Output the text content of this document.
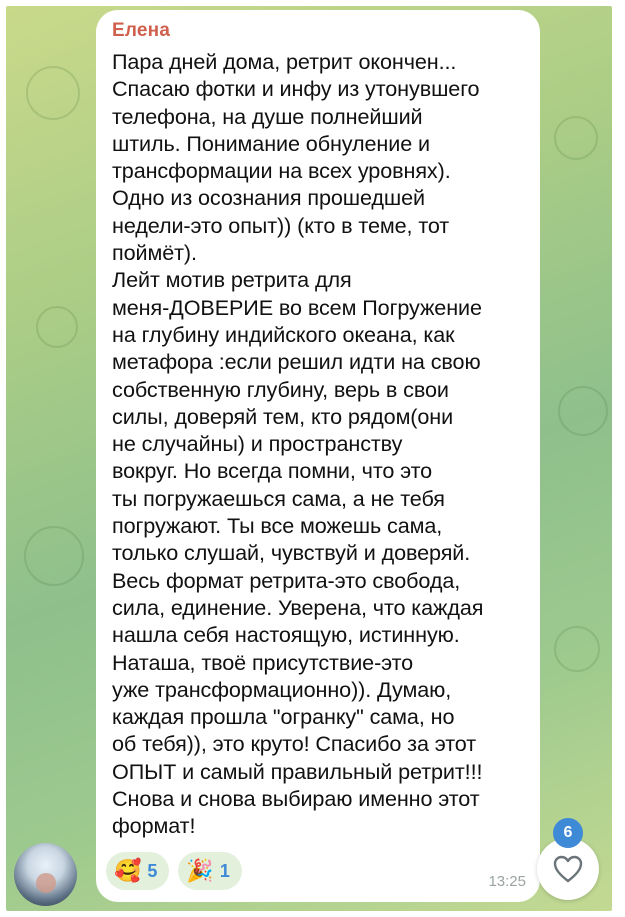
Елена
Пара дней дома, ретрит окончен...
Спасаю фотки и инфу из утонувшего
телефона, на душе полнейший
штиль. Понимание обнуление и
трансформации на всех уровнях).
Одно из осознания прошедшей
недели-это опыт)) (кто в теме, тот
поймёт).
Лейт мотив ретрита для
меня-ДОВЕРИЕ во всем Погружение
на глубину индийского океана, как
метафора :если решил идти на свою
собственную глубину, верь в свои
силы, доверяй тем, кто рядом(они
не случайны) и пространству
вокруг. Но всегда помни, что это
ты погружаешься сама, а не тебя
погружают. Ты все можешь сама,
только слушай, чувствуй и доверяй.
Весь формат ретрита-это свобода,
сила, единение. Уверена, что каждая
нашла себя настоящую, истинную.
Наташа, твоё присутствие-это
уже трансформационно)). Думаю,
каждая прошла "огранку" сама, но
об тебя)), это круто! Спасибо за этот
ОПЫТ и самый правильный ретрит!!!
Снова и снова выбираю именно этот
формат!
🥰 5 🎉 1
13:25
6
